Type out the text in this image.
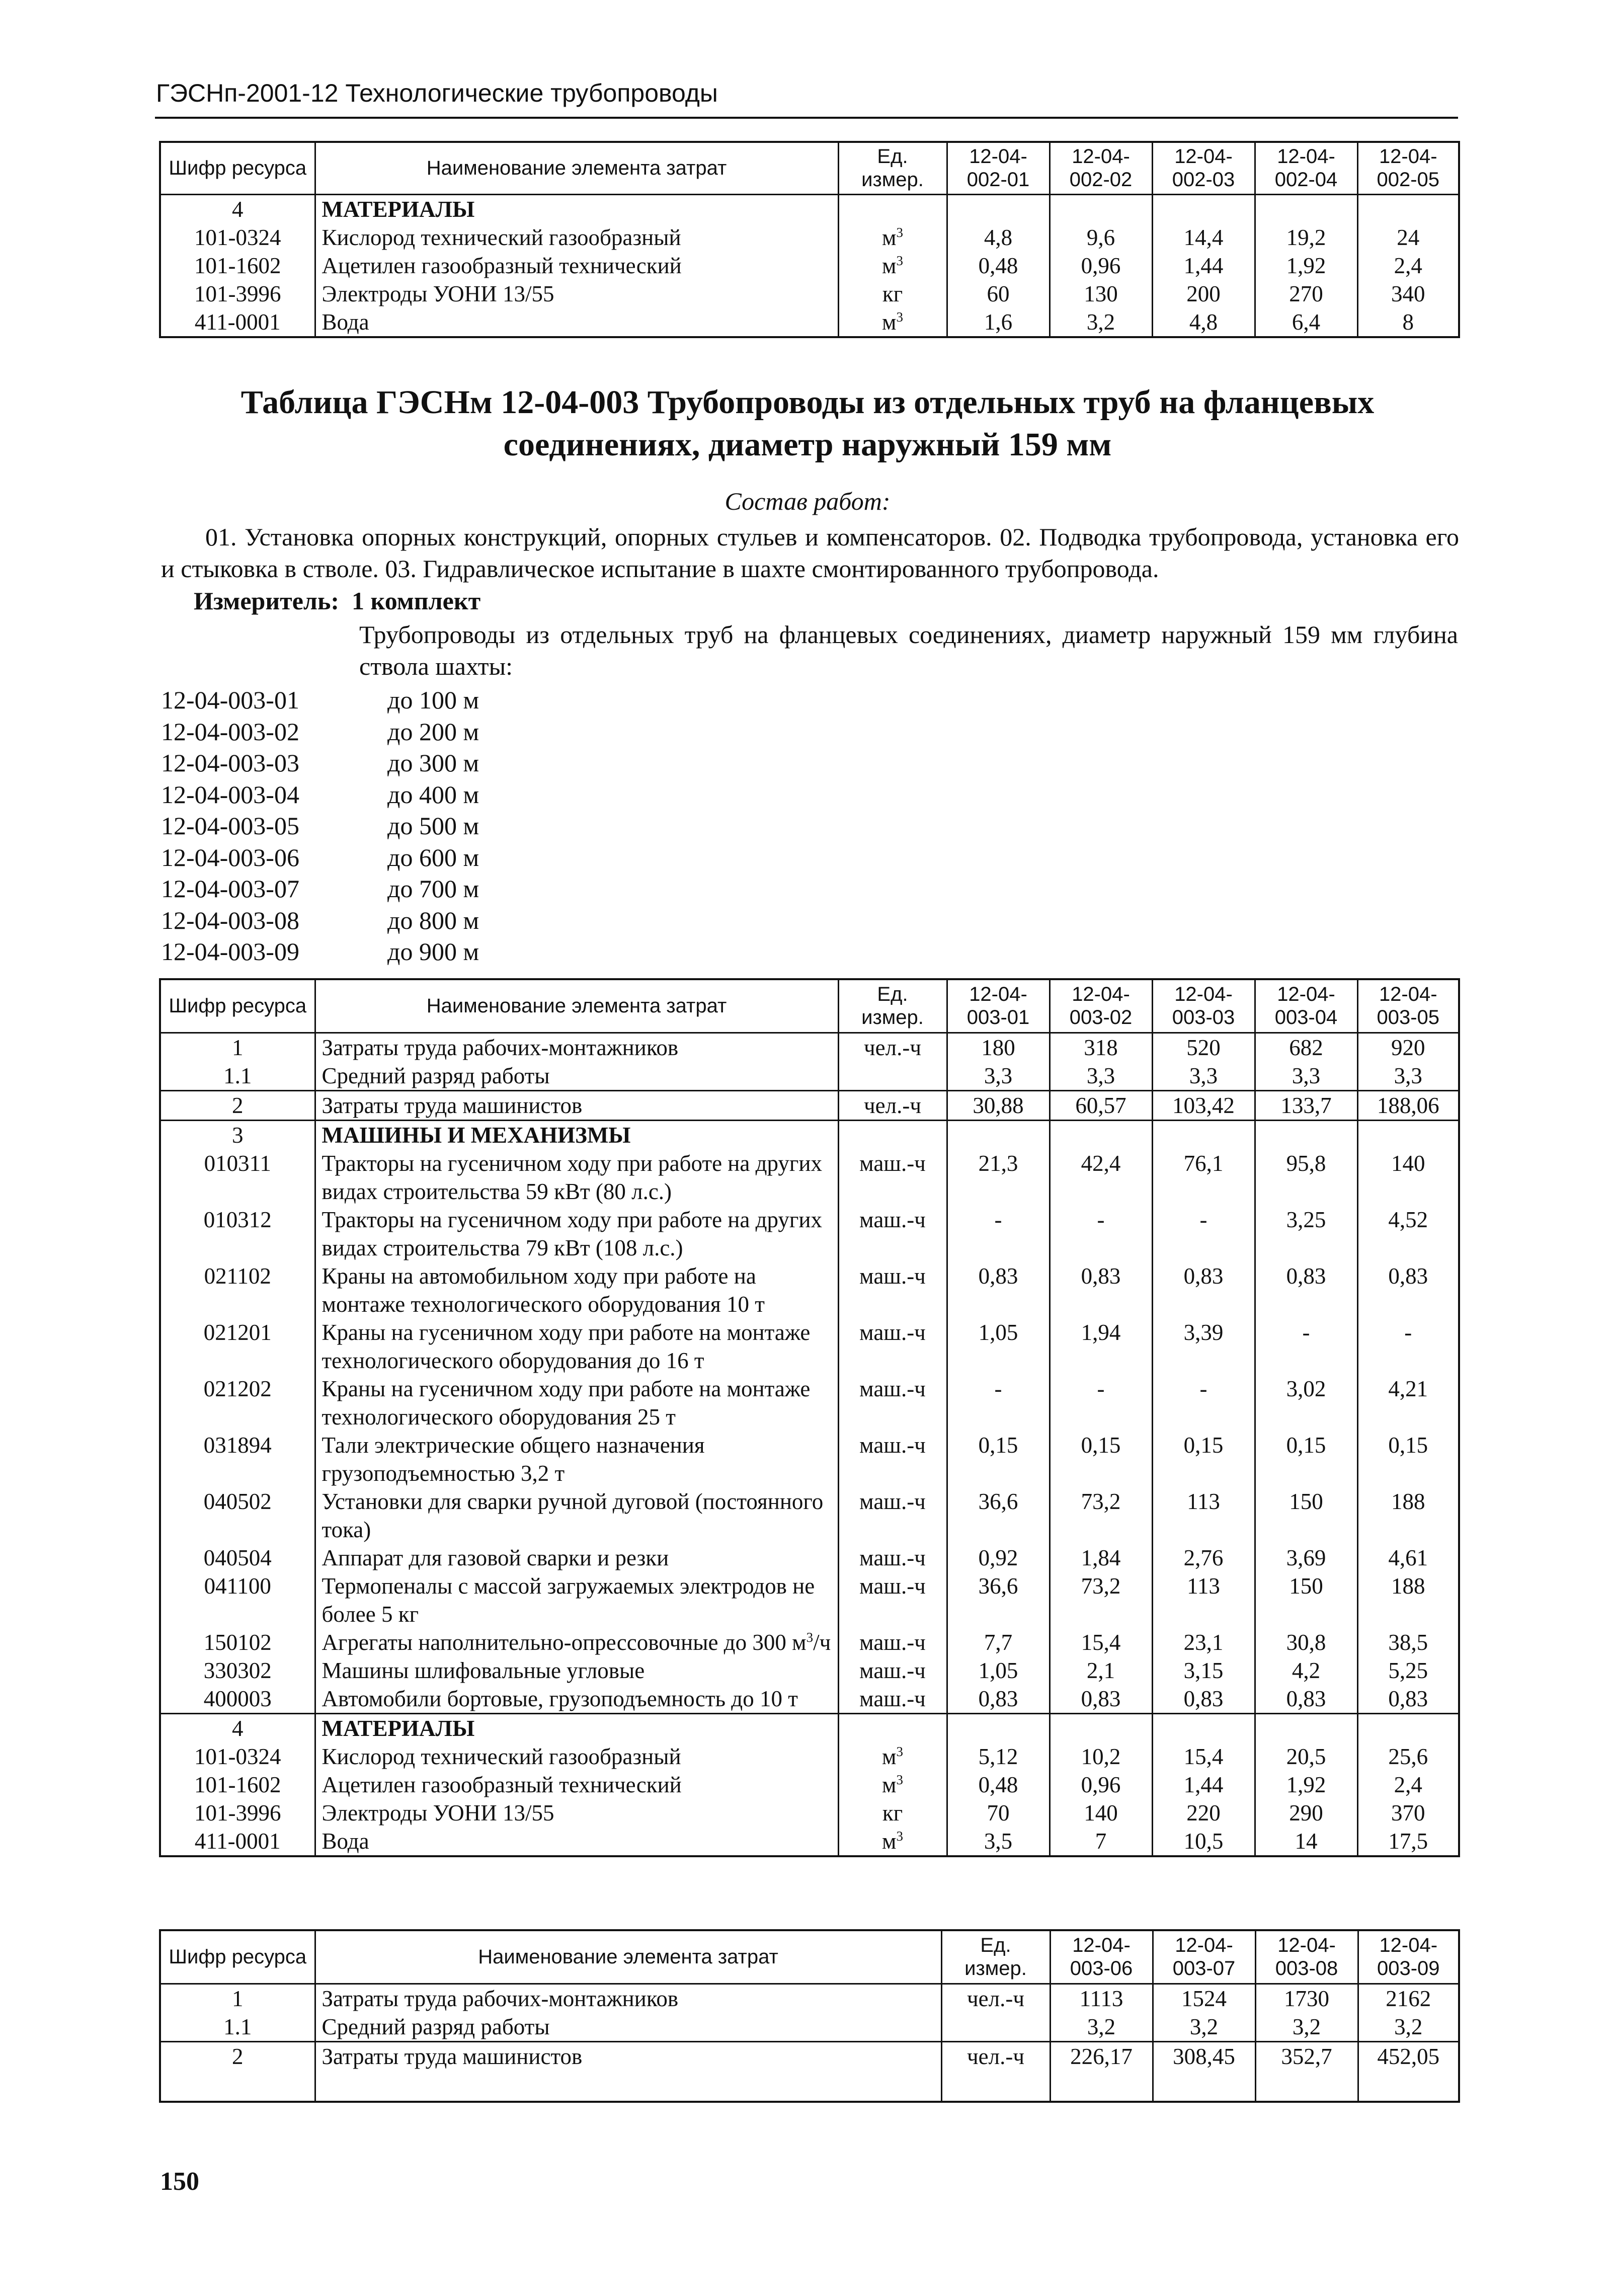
ГЭСНп-2001-12 Технологические трубопроводы
Шифр ресурса	Наименование элемента затрат	Ед. измер.	12-04-002-01	12-04-002-02	12-04-002-03	12-04-002-04	12-04-002-05
4	МАТЕРИАЛЫ						
101-0324	Кислород технический газообразный	$м^3$	4,8	9,6	14,4	19,2	24
101-1602	Ацетилен газообразный технический	$м^3$	0,48	0,96	1,44	1,92	2,4
101-3996	Электроды УОНИ 13/55	кг	60	130	200	270	340
411-0001	Вода	$м^3$	1,6	3,2	4,8	6,4	8
Таблица ГЭСНм 12-04-003 Трубопроводы из отдельных труб на фланцевых соединениях, диаметр наружный 159 мм
Состав работ:
01. Установка опорных конструкций, опорных стульев и компенсаторов. 02. Подводка трубопровода, установка его и стыковка в стволе. 03. Гидравлическое испытание в шахте смонтированного трубопровода.
Измеритель: 1 комплект
Трубопроводы из отдельных труб на фланцевых соединениях, диаметр наружный 159 мм глубина ствола шахты:
12-04-003-01	до 100 м
12-04-003-02	до 200 м
12-04-003-03	до 300 м
12-04-003-04	до 400 м
12-04-003-05	до 500 м
12-04-003-06	до 600 м
12-04-003-07	до 700 м
12-04-003-08	до 800 м
12-04-003-09	до 900 м
Шифр ресурса	Наименование элемента затрат	Ед. измер.	12-04-003-01	12-04-003-02	12-04-003-03	12-04-003-04	12-04-003-05
1	Затраты труда рабочих-монтажников	чел.-ч	180	318	520	682	920
1.1	Средний разряд работы		3,3	3,3	3,3	3,3	3,3
2	Затраты труда машинистов	чел.-ч	30,88	60,57	103,42	133,7	188,06
3	МАШИНЫ И МЕХАНИЗМЫ						
010311	Тракторы на гусеничном ходу при работе на других видах строительства 59 кВт (80 л.с.)	маш.-ч	21,3	42,4	76,1	95,8	140
010312	Тракторы на гусеничном ходу при работе на других видах строительства 79 кВт (108 л.с.)	маш.-ч	-	-	-	3,25	4,52
021102	Краны на автомобильном ходу при работе на монтаже технологического оборудования 10 т	маш.-ч	0,83	0,83	0,83	0,83	0,83
021201	Краны на гусеничном ходу при работе на монтаже технологического оборудования до 16 т	маш.-ч	1,05	1,94	3,39	-	-
021202	Краны на гусеничном ходу при работе на монтаже технологического оборудования 25 т	маш.-ч	-	-	-	3,02	4,21
031894	Тали электрические общего назначения грузоподъемностью 3,2 т	маш.-ч	0,15	0,15	0,15	0,15	0,15
040502	Установки для сварки ручной дуговой (постоянного тока)	маш.-ч	36,6	73,2	113	150	188
040504	Аппарат для газовой сварки и резки	маш.-ч	0,92	1,84	2,76	3,69	4,61
041100	Термопеналы с массой загружаемых электродов не более 5 кг	маш.-ч	36,6	73,2	113	150	188
150102	Агрегаты наполнительно-опрессовочные до 300 $м^3/ч$	маш.-ч	7,7	15,4	23,1	30,8	38,5
330302	Машины шлифовальные угловые	маш.-ч	1,05	2,1	3,15	4,2	5,25
400003	Автомобили бортовые, грузоподъемность до 10 т	маш.-ч	0,83	0,83	0,83	0,83	0,83
4	МАТЕРИАЛЫ						
101-0324	Кислород технический газообразный	$м^3$	5,12	10,2	15,4	20,5	25,6
101-1602	Ацетилен газообразный технический	$м^3$	0,48	0,96	1,44	1,92	2,4
101-3996	Электроды УОНИ 13/55	кг	70	140	220	290	370
411-0001	Вода	$м^3$	3,5	7	10,5	14	17,5
Шифр ресурса	Наименование элемента затрат	Ед. измер.	12-04-003-06	12-04-003-07	12-04-003-08	12-04-003-09
1	Затраты труда рабочих-монтажников	чел.-ч	1113	1524	1730	2162
1.1	Средний разряд работы		3,2	3,2	3,2	3,2
2	Затраты труда машинистов	чел.-ч	226,17	308,45	352,7	452,05
150
